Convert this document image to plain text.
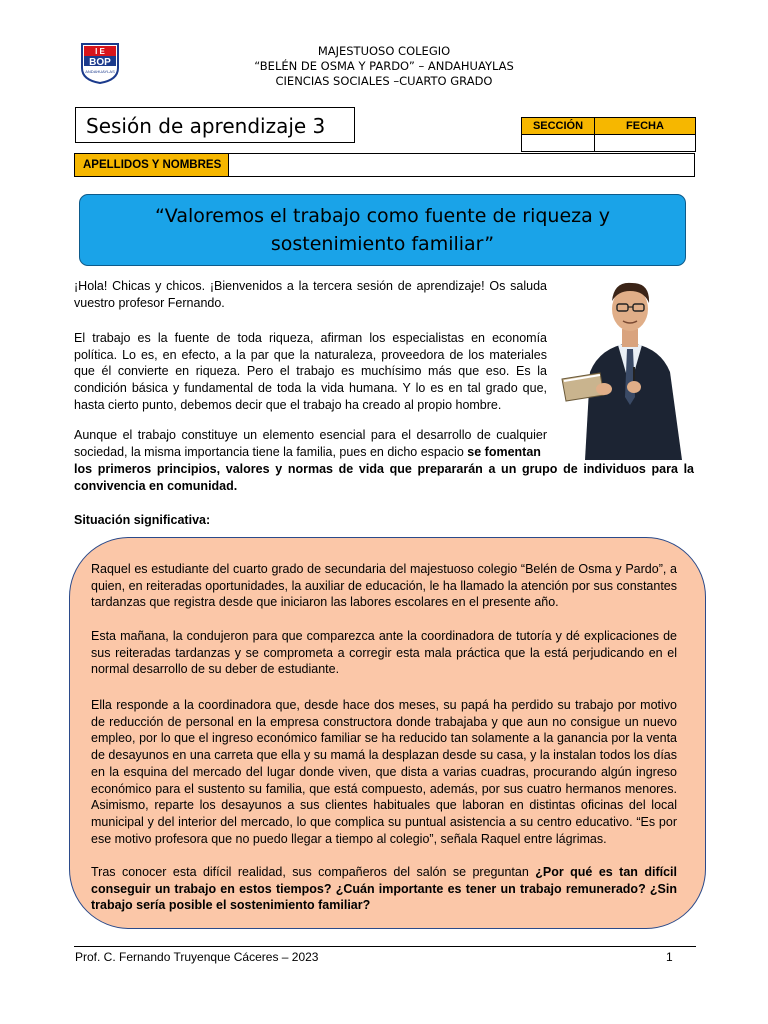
I E
BOP
ANDAHUAYLAS
MAJESTUOSO COLEGIO
“BELÉN DE OSMA Y PARDO” – ANDAHUAYLAS
CIENCIAS SOCIALES –CUARTO GRADO
Sesión de aprendizaje 3	SECCIÓN	FECHA

APELLIDOS Y NOMBRES
“Valoremos el trabajo como fuente de riqueza y
sostenimiento familiar”
¡Hola! Chicas y chicos. ¡Bienvenidos a la tercera sesión de aprendizaje! Os saluda vuestro profesor Fernando.
El trabajo es la fuente de toda riqueza, afirman los especialistas en economía política. Lo es, en efecto, a la par que la naturaleza, proveedora de los materiales que él convierte en riqueza. Pero el trabajo es muchísimo más que eso. Es la condición básica y fundamental de toda la vida humana. Y lo es en tal grado que, hasta cierto punto, debemos decir que el trabajo ha creado al propio hombre.
Aunque el trabajo constituye un elemento esencial para el desarrollo de cualquier sociedad, la misma importancia tiene la familia, pues en dicho espacio se fomentan
los primeros principios, valores y normas de vida que prepararán a un grupo de individuos para la convivencia en comunidad.
Situación significativa:
Raquel es estudiante del cuarto grado de secundaria del majestuoso colegio “Belén de Osma y Pardo”, a quien, en reiteradas oportunidades, la auxiliar de educación, le ha llamado la atención por sus constantes tardanzas que registra desde que iniciaron las labores escolares en el presente año.
Esta mañana, la condujeron para que comparezca ante la coordinadora de tutoría y dé explicaciones de sus reiteradas tardanzas y se comprometa a corregir esta mala práctica que la está perjudicando en el normal desarrollo de su deber de estudiante.
Ella responde a la coordinadora que, desde hace dos meses, su papá ha perdido su trabajo por motivo de reducción de personal en la empresa constructora donde trabajaba y que aun no consigue un nuevo empleo, por lo que el ingreso económico familiar se ha reducido tan solamente a la ganancia por la venta de desayunos en una carreta que ella y su mamá la desplazan desde su casa, y la instalan todos los días en la esquina del mercado del lugar donde viven, que dista a varias cuadras, procurando algún ingreso económico para el sustento su familia, que está compuesto, además, por sus cuatro hermanos menores. Asimismo, reparte los desayunos a sus clientes habituales que laboran en distintas oficinas del local municipal y del interior del mercado, lo que complica su puntual asistencia a su centro educativo. “Es por ese motivo profesora que no puedo llegar a tiempo al colegio”, señala Raquel entre lágrimas.
Tras conocer esta difícil realidad, sus compañeros del salón se preguntan ¿Por qué es tan difícil conseguir un trabajo en estos tiempos? ¿Cuán importante es tener un trabajo remunerado? ¿Sin trabajo sería posible el sostenimiento familiar?
Prof. C. Fernando Truyenque Cáceres – 2023	1
